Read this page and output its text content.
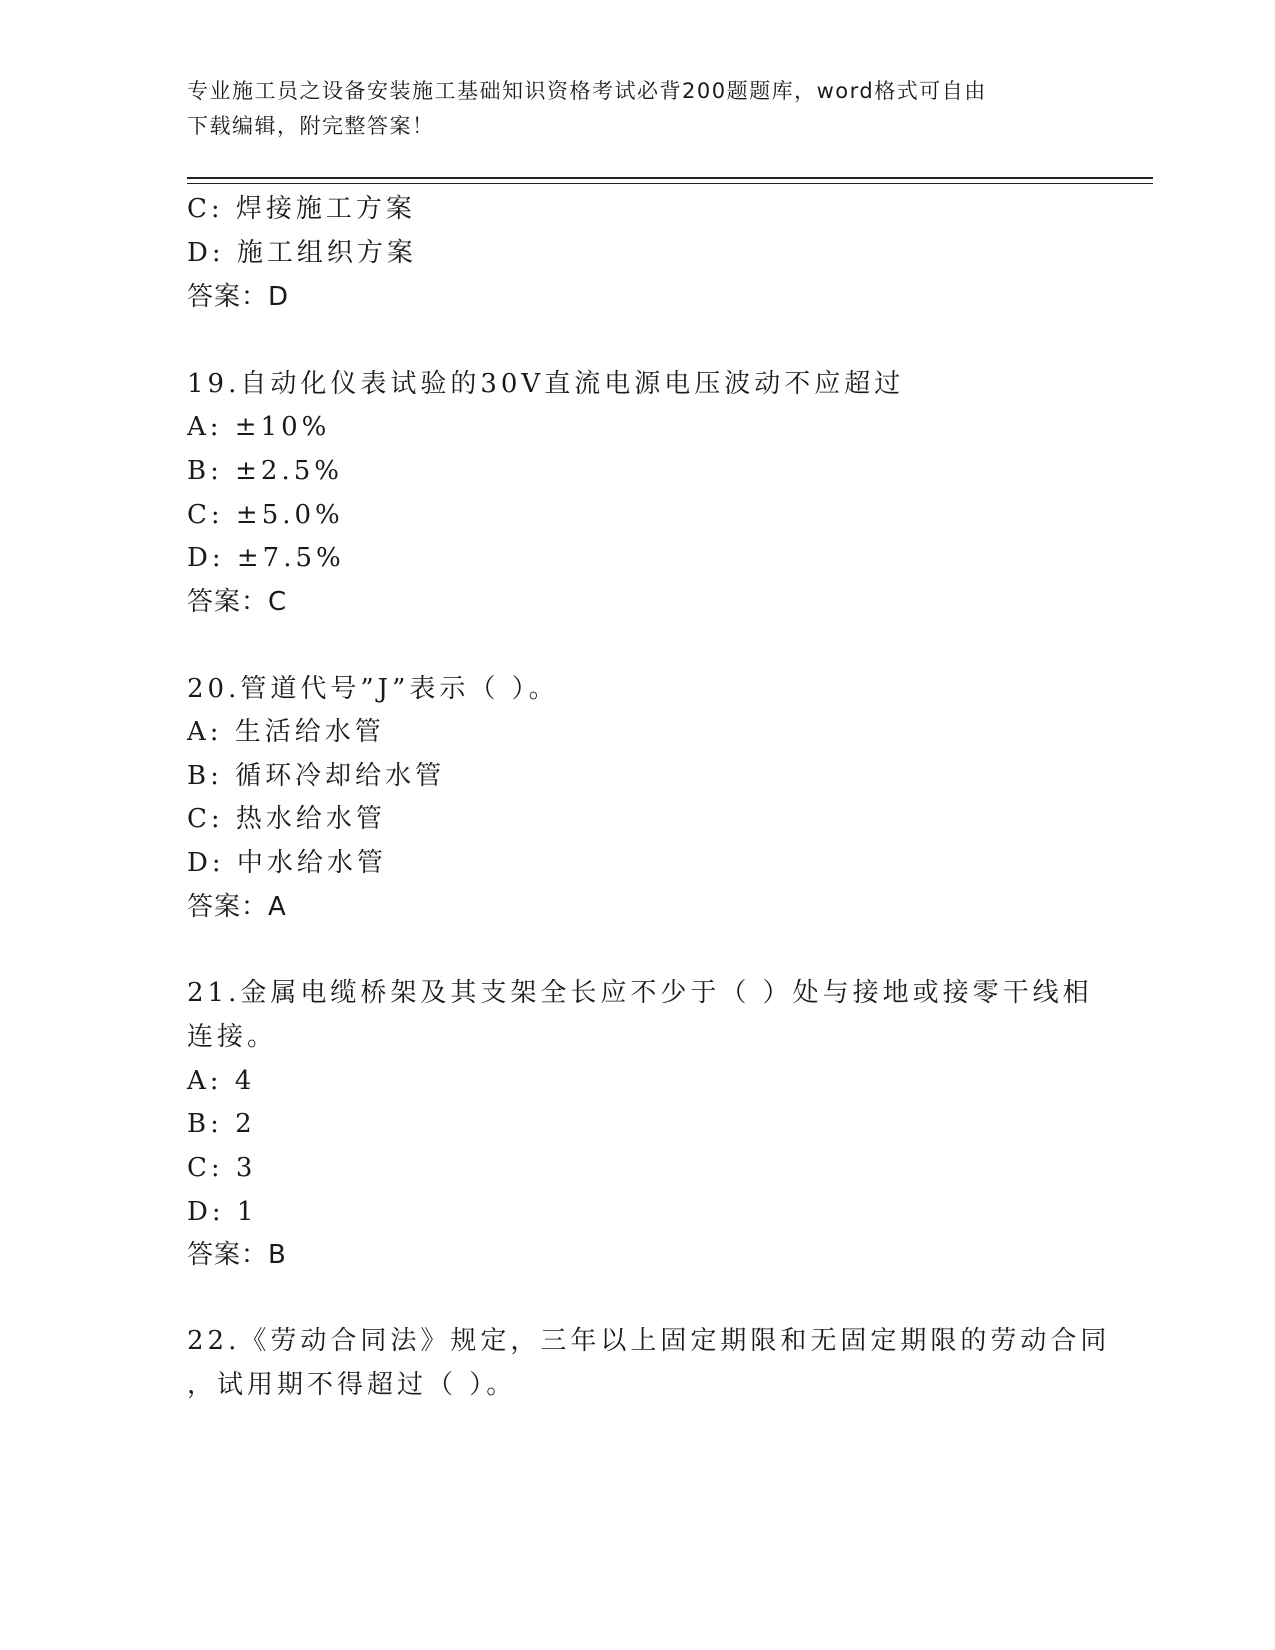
专业施工员之设备安装施工基础知识资格考试必背200题题库，word格式可自由
下载编辑，附完整答案！
C: 焊接施工方案
D: 施工组织方案
答案：D
19.自动化仪表试验的30V直流电源电压波动不应超过
A: ±10%
B: ±2.5%
C: ±5.0%
D: ±7.5%
答案：C
20.管道代号”J”表示（ ）。
A: 生活给水管
B: 循环冷却给水管
C: 热水给水管
D: 中水给水管
答案：A
21.金属电缆桥架及其支架全长应不少于（ ）处与接地或接零干线相
连接。
A: 4
B: 2
C: 3
D: 1
答案：B
22.《劳动合同法》规定，三年以上固定期限和无固定期限的劳动合同
，试用期不得超过（ ）。
